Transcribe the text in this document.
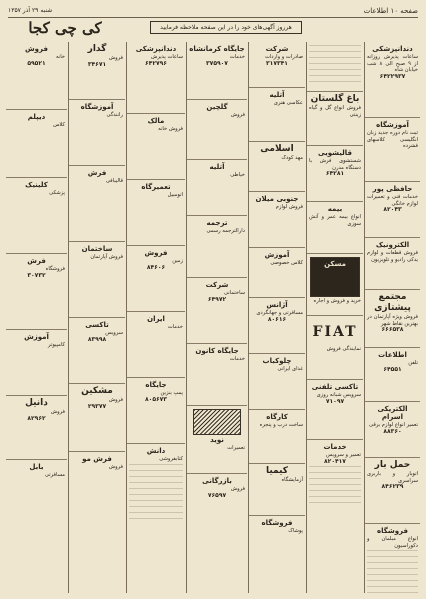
صفحه ۱۰ اطلاعات
شنبه ۲۹ آذر ۱۳۵۷
کی چی کجا	هرروز آگهی‌های خود را در این صفحه ملاحظه فرمایید
دندانپزشکی
ساعات پذیرش روزانه از ۹ صبح الی ۸ شب خیابان شاه
۶۴۲۲۹۳۷
آموزشگاه
ثبت نام دوره جدید زبان انگلیسی کلاسهای فشرده
حافظی پور
خدمات فنی و تعمیرات لوازم خانگی
۸۲۰۴۳
الکترونیک
فروش قطعات و لوازم یدکی رادیو و تلویزیون
مجتمع پیشتازی
فروش ویژه آپارتمان در بهترین نقاط شهر
۶۶۶۵۳۸
اطلاعات
تلفن
۶۴۵۵۱
الکتریکی اسرام
تعمیر انواع لوازم برقی
۸۸۳۶۰
حمل بار
اتوبار و باربری سراسری
۸۴۶۲۳۹
فروشگاه
انواع مبلمان و دکوراسیون
باغ گلستان
فروش انواع گل و گیاه زینتی
قالیشویی
شستشوی فرش با دستگاه مدرن
۶۴۲۸۱
بیمه
انواع بیمه عمر و آتش سوزی
مسکن
خرید و فروش و اجاره
FIAT
نمایندگی فروش
تاکسی تلفنی
سرویس شبانه روزی
۷۱۰۹۷
خدمات
تعمیر و سرویس
۸۲۰۴۱۷
شرکت
صادرات و واردات
۳۱۷۳۴۱
آتلیه
عکاسی هنری
اسلامی
مهد کودک
جنوبی میلان
فروش لوازم
آموزش
کلاس خصوصی
آژانس
مسافرتی و جهانگردی
۸۰۶۱۶
چلوکباب
غذای ایرانی
کارگاه
ساخت درب و پنجره
کیمیا
آزمایشگاه
فروشگاه
پوشاک
جایگاه کرمانشاه
خدمات
۳۷۵۹۰۷
گلچین
فروش
آتلیه
خیاطی
ترجمه
دارالترجمه رسمی
شرکت
ساختمانی
۶۴۹۷۲
جایگاه کانون
خدمات
نوید
تعمیرات
بازرگانی
فروش
۷۶۵۹۷
دندانپزشکی
ساعات پذیرش
۶۴۲۷۹۶
مالک
فروش خانه
تعمیرگاه
اتومبیل
فروش
زمین
۸۴۶۰۶
ایران
خدمات
جایگاه
پمپ بنزین
۸۰۵۶۷۳
دانش
کتابفروشی
گدار
فروش
۳۴۶۷۱
آموزشگاه
رانندگی
فرش
قالیبافی
ساختمان
فروش آپارتمان
تاکسی
سرویس
۸۳۹۹۸
مشکین
فروش
۲۹۳۷۷
فرش مو
فروش
فروش
خانه
۵۹۵۲۱
دیپلم
کلاس
کلینیک
پزشکی
فرش
فروشگاه
۳۰۷۳۲
آموزش
کامپیوتر
دانیل
فروش
۸۲۹۶۲
بابل
مسافرتی
